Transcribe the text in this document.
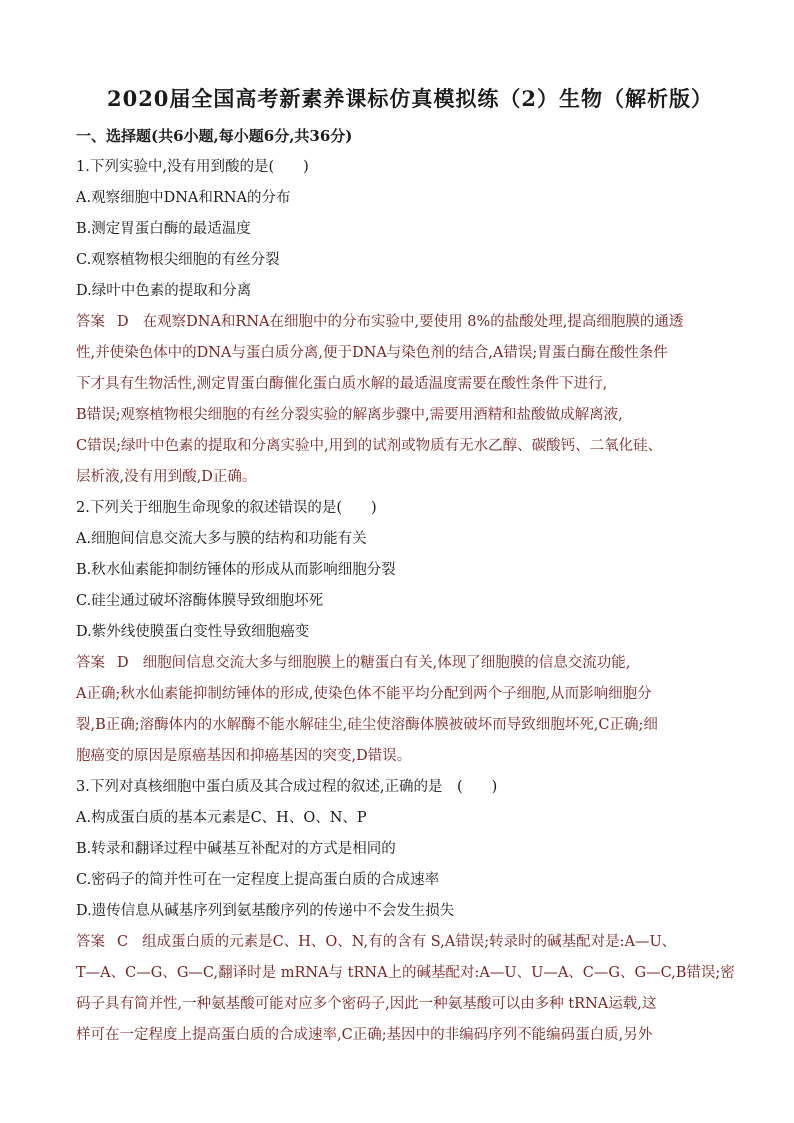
2020届全国高考新素养课标仿真模拟练（2）生物（解析版）

一、选择题(共6小题,每小题6分,共36分)

1.下列实验中,没有用到酸的是(　　)

A.观察细胞中DNA和RNA的分布

B.测定胃蛋白酶的最适温度

C.观察植物根尖细胞的有丝分裂

D.绿叶中色素的提取和分离

答案 D 在观察DNA和RNA在细胞中的分布实验中,要使用 8%的盐酸处理,提高细胞膜的通透

性,并使染色体中的DNA与蛋白质分离,便于DNA与染色剂的结合,A错误;胃蛋白酶在酸性条件

下才具有生物活性,测定胃蛋白酶催化蛋白质水解的最适温度需要在酸性条件下进行,

B错误;观察植物根尖细胞的有丝分裂实验的解离步骤中,需要用酒精和盐酸做成解离液,

C错误;绿叶中色素的提取和分离实验中,用到的试剂或物质有无水乙醇、碳酸钙、二氧化硅、

层析液,没有用到酸,D正确。

2.下列关于细胞生命现象的叙述错误的是(　　)

A.细胞间信息交流大多与膜的结构和功能有关

B.秋水仙素能抑制纺锤体的形成从而影响细胞分裂

C.硅尘通过破坏溶酶体膜导致细胞坏死

D.紫外线使膜蛋白变性导致细胞癌变

答案 D 细胞间信息交流大多与细胞膜上的糖蛋白有关,体现了细胞膜的信息交流功能,

A正确;秋水仙素能抑制纺锤体的形成,使染色体不能平均分配到两个子细胞,从而影响细胞分

裂,B正确;溶酶体内的水解酶不能水解硅尘,硅尘使溶酶体膜被破坏而导致细胞坏死,C正确;细

胞癌变的原因是原癌基因和抑癌基因的突变,D错误。

3.下列对真核细胞中蛋白质及其合成过程的叙述,正确的是　(　　)

A.构成蛋白质的基本元素是C、H、O、N、P

B.转录和翻译过程中碱基互补配对的方式是相同的

C.密码子的简并性可在一定程度上提高蛋白质的合成速率

D.遗传信息从碱基序列到氨基酸序列的传递中不会发生损失

答案 C 组成蛋白质的元素是C、H、O、N,有的含有 S,A错误;转录时的碱基配对是:A—U、

T—A、C—G、G—C,翻译时是 mRNA与 tRNA上的碱基配对:A—U、U—A、C—G、G—C,B错误;密

码子具有简并性,一种氨基酸可能对应多个密码子,因此一种氨基酸可以由多种 tRNA运载,这

样可在一定程度上提高蛋白质的合成速率,C正确;基因中的非编码序列不能编码蛋白质,另外
